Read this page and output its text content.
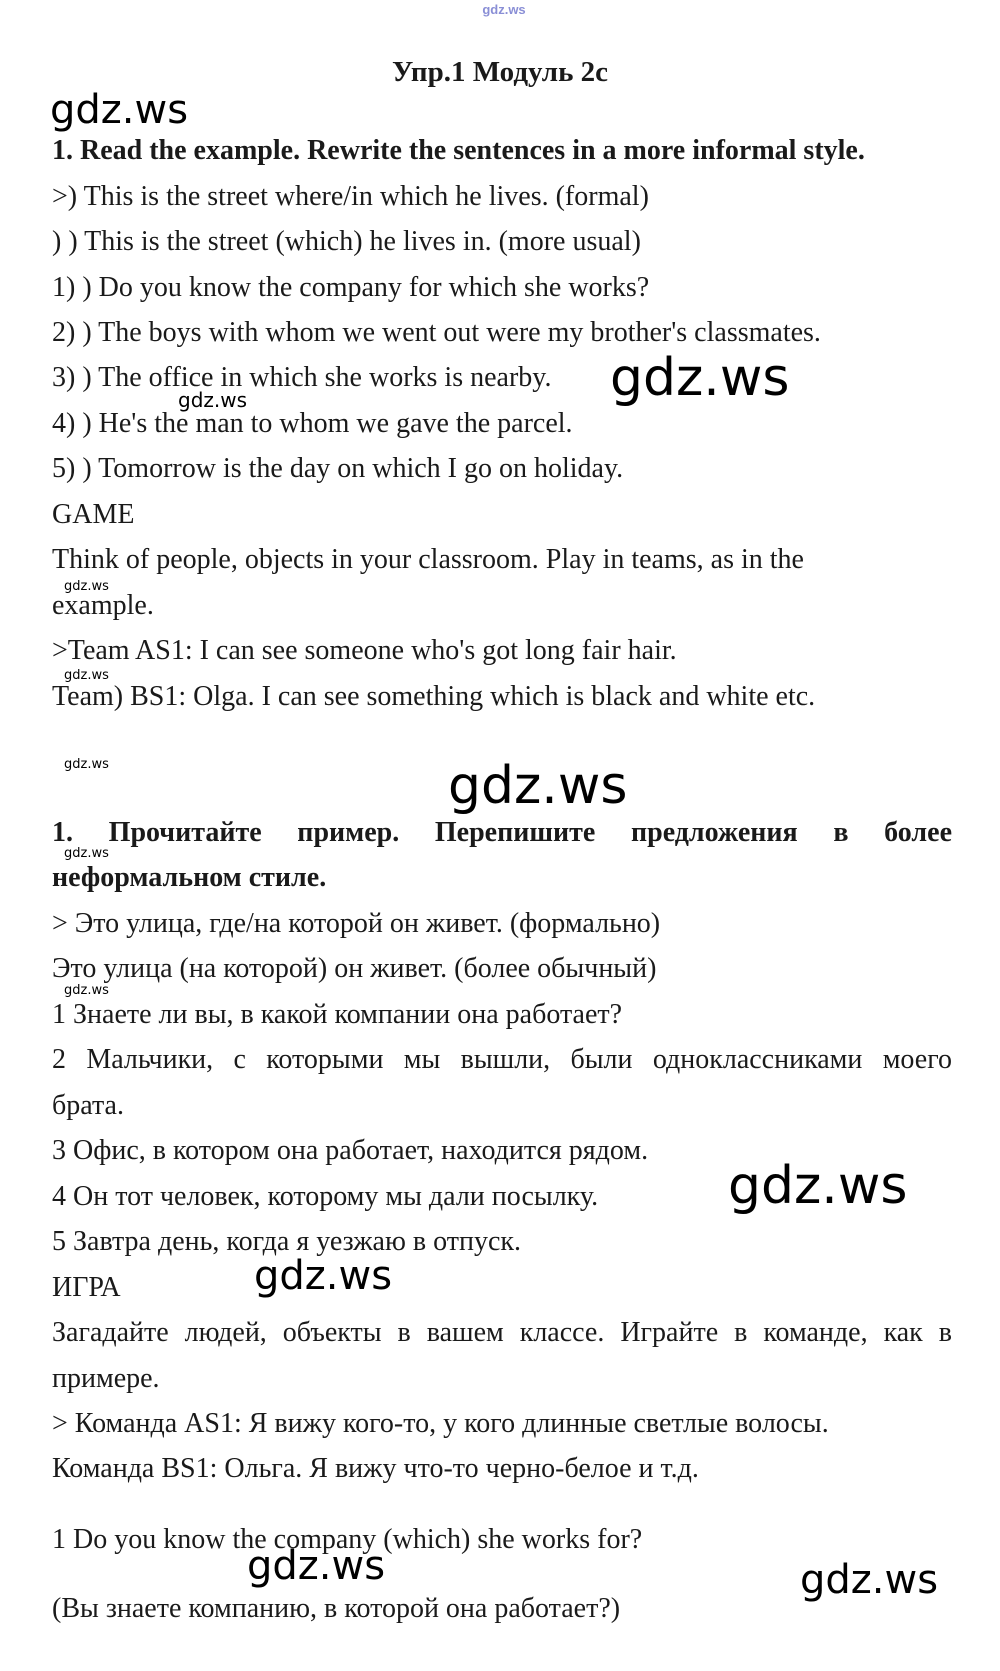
gdz.ws
Упр.1 Модуль 2с
1. Read the example. Rewrite the sentences in a more informal style.
>) This is the street where/in which he lives. (formal)
) ) This is the street (which) he lives in. (more usual)
1) ) Do you know the company for which she works?
2) ) The boys with whom we went out were my brother's classmates.
3) ) The office in which she works is nearby.
4) ) He's the man to whom we gave the parcel.
5) ) Tomorrow is the day on which I go on holiday.
GAME
Think of people, objects in your classroom. Play in teams, as in the
example.
>Team AS1: I can see someone who's got long fair hair.
Team) BS1: Olga. I can see something which is black and white etc.
1. Прочитайте пример. Перепишите предложения в более
неформальном стиле.
> Это улица, где/на которой он живет. (формально)
Это улица (на которой) он живет. (более обычный)
1 Знаете ли вы, в какой компании она работает?
2 Мальчики, с которыми мы вышли, были одноклассниками моего
брата.
3 Офис, в котором она работает, находится рядом.
4 Он тот человек, которому мы дали посылку.
5 Завтра день, когда я уезжаю в отпуск.
ИГРА
Загадайте людей, объекты в вашем классе. Играйте в команде, как в
примере.
> Команда AS1: Я вижу кого-то, у кого длинные светлые волосы.
Команда BS1: Ольга. Я вижу что-то черно-белое и т.д.
1 Do you know the company (which) she works for?
(Вы знаете компанию, в которой она работает?)
gdz.ws
gdz.ws
gdz.ws
gdz.ws
gdz.ws
gdz.ws	gdz.ws
gdz.ws
gdz.ws
gdz.ws
gdz.ws
gdz.ws	gdz.ws
